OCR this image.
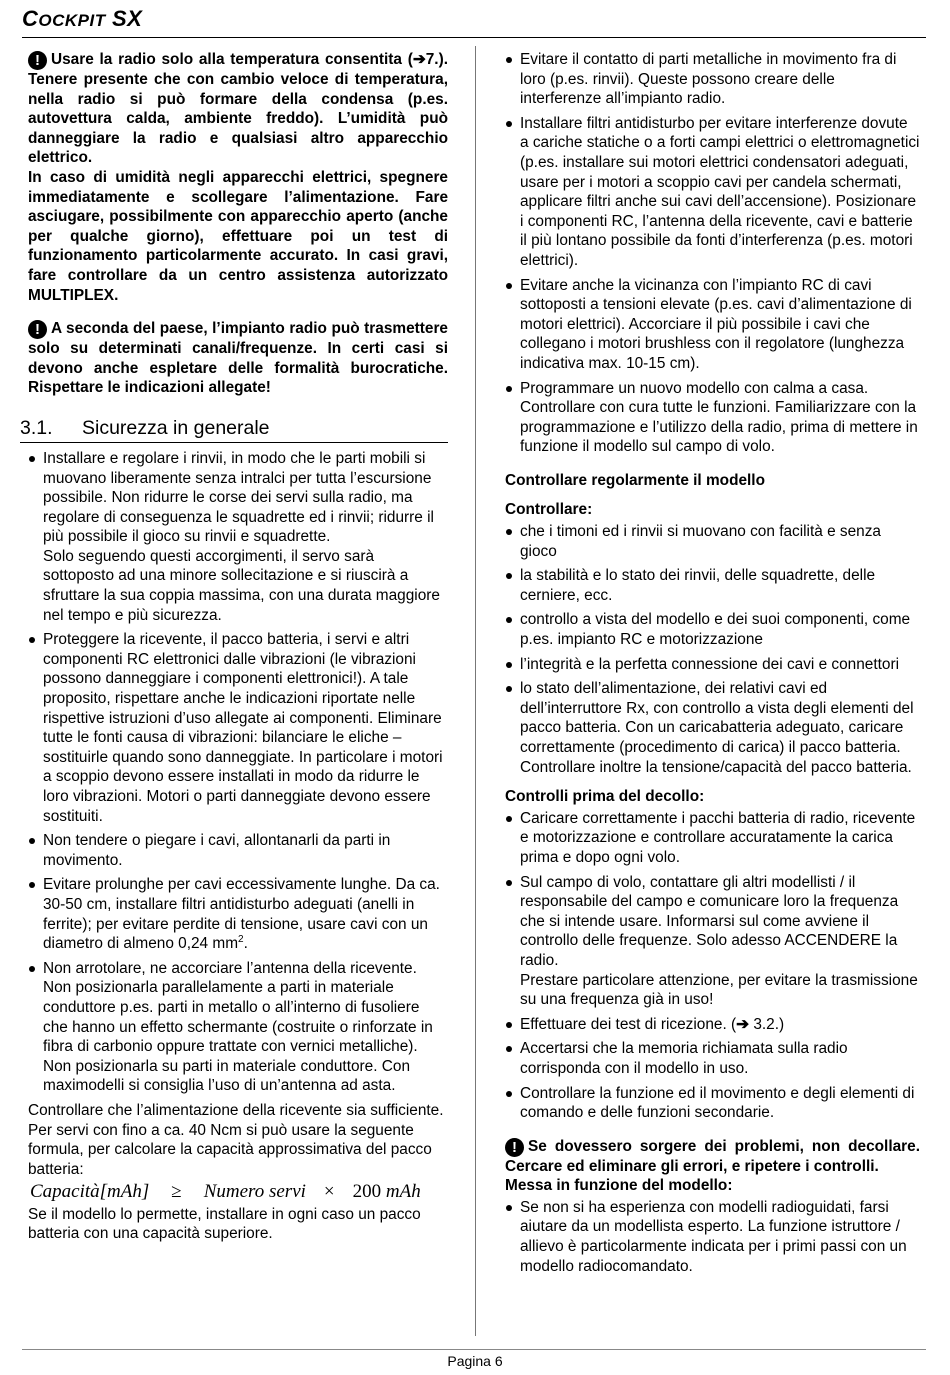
COCKPIT SX

! Usare la radio solo alla temperatura consentita (➔7.). Tenere presente che con cambio veloce di temperatura, nella radio si può formare della condensa (p.es. autovettura calda, ambiente freddo). L’umidità può danneggiare la radio e qualsiasi altro apparecchio elettrico.

In caso di umidità negli apparecchi elettrici, spegnere immediatamente e scollegare l’alimentazione. Fare asciugare, possibilmente con apparecchio aperto (anche per qualche giorno), effettuare poi un test di funzionamento particolarmente accurato. In casi gravi, fare controllare da un centro assistenza autorizzato MULTIPLEX.

! A seconda del paese, l’impianto radio può trasmettere solo su determinati canali/frequenze. In certi casi si devono anche espletare delle formalità burocratiche. Rispettare le indicazioni allegate!

3.1.	Sicurezza in generale

Installare e regolare i rinvii, in modo che le parti mobili si muovano liberamente senza intralci per tutta l’escursione possibile. Non ridurre le corse dei servi sulla radio, ma regolare di conseguenza le squadrette ed i rinvii; ridurre il più possibile il gioco su rinvii e squadrette.

Solo seguendo questi accorgimenti, il servo sarà sottoposto ad una minore sollecitazione e si riuscirà a sfruttare la sua coppia massima, con una durata maggiore nel tempo e più sicurezza.

Proteggere la ricevente, il pacco batteria, i servi e altri componenti RC elettronici dalle vibrazioni (le vibrazioni possono danneggiare i componenti elettronici!). A tale proposito, rispettare anche le indicazioni riportate nelle rispettive istruzioni d’uso allegate ai componenti. Eliminare tutte le fonti causa di vibrazioni: bilanciare le eliche – sostituirle quando sono danneggiate. In particolare i motori a scoppio devono essere installati in modo da ridurre le loro vibrazioni. Motori o parti danneggiate devono essere sostituiti.

Non tendere o piegare i cavi, allontanarli da parti in movimento.

Evitare prolunghe per cavi eccessivamente lunghe. Da ca. 30-50 cm, installare filtri antidisturbo adeguati (anelli in ferrite); per evitare perdite di tensione, usare cavi con un diametro di almeno 0,24 $mm^2$.

Non arrotolare, ne accorciare l’antenna della ricevente. Non posizionarla parallelamente a parti in materiale conduttore p.es. parti in metallo o all’interno di fusoliere che hanno un effetto schermante (costruite o rinforzate in fibra di carbonio oppure trattate con vernici metalliche). Non posizionarla su parti in materiale conduttore. Con maximodelli si consiglia l’uso di un’antenna ad asta.

Controllare che l’alimentazione della ricevente sia sufficiente. Per servi con fino a ca. 40 Ncm si può usare la seguente formula, per calcolare la capacità approssimativa del pacco batteria:

Capacità[mAh] ≥ Numero servi × 200
mAh

Se il modello lo permette, installare in ogni caso un pacco batteria con una capacità superiore.

Evitare il contatto di parti metalliche in movimento fra di loro (p.es. rinvii). Queste possono creare delle interferenze all’impianto radio.

Installare filtri antidisturbo per evitare interferenze dovute a cariche statiche o a forti campi elettrici o elettromagnetici (p.es. installare sui motori elettrici condensatori adeguati, usare per i motori a scoppio cavi per candela schermati, applicare filtri anche sui cavi dell’accensione). Posizionare i componenti RC, l’antenna della ricevente, cavi e batterie il più lontano possibile da fonti d’interferenza (p.es. motori elettrici).

Evitare anche la vicinanza con l’impianto RC di cavi sottoposti a tensioni elevate (p.es. cavi d’alimentazione di motori elettrici). Accorciare il più possibile i cavi che collegano i motori brushless con il regolatore (lunghezza indicativa max. 10-15 cm).

Programmare un nuovo modello con calma a casa. Controllare con cura tutte le funzioni. Familiarizzare con la programmazione e l’utilizzo della radio, prima di mettere in funzione il modello sul campo di volo.

Controllare regolarmente il modello

Controllare:

che i timoni ed i rinvii si muovano con facilità e senza gioco

la stabilità e lo stato dei rinvii, delle squadrette, delle cerniere, ecc.

controllo a vista del modello e dei suoi componenti, come p.es. impianto RC e motorizzazione

l’integrità e la perfetta connessione dei cavi e connettori

lo stato dell’alimentazione, dei relativi cavi ed dell’interruttore Rx, con controllo a vista degli elementi del pacco batteria. Con un caricabatteria adeguato, caricare correttamente (procedimento di carica) il pacco batteria. Controllare inoltre la tensione/capacità del pacco batteria.

Controlli prima del decollo:

Caricare correttamente i pacchi batteria di radio, ricevente e motorizzazione e controllare accuratamente la carica prima e dopo ogni volo.

Sul campo di volo, contattare gli altri modellisti / il responsabile del campo e comunicare loro la frequenza che si intende usare. Informarsi sul come avviene il controllo delle frequenze. Solo adesso ACCENDERE la radio.

Prestare particolare attenzione, per evitare la trasmissione su una frequenza già in uso!

Effettuare dei test di ricezione. (➔ 3.2.)

Accertarsi che la memoria richiamata sulla radio corrisponda con il modello in uso.

Controllare la funzione ed il movimento e degli elementi di comando e delle funzioni secondarie.

! Se dovessero sorgere dei problemi, non decollare. Cercare ed eliminare gli errori, e ripetere i controlli.

Messa in funzione del modello:

Se non si ha esperienza con modelli radioguidati, farsi aiutare da un modellista esperto. La funzione istruttore / allievo è particolarmente indicata per i primi passi con un modello radiocomandato.

Pagina 6
